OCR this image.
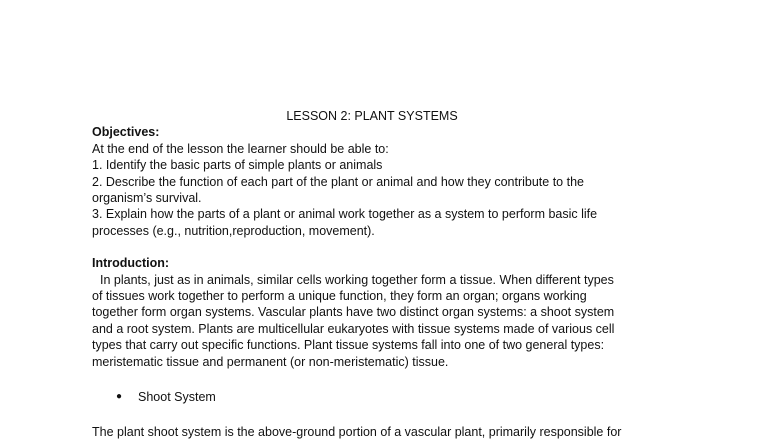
LESSON 2: PLANT SYSTEMS
Objectives:
At the end of the lesson the learner should be able to:
1. Identify the basic parts of simple plants or animals
2. Describe the function of each part of the plant or animal and how they contribute to the
organism’s survival.
3. Explain how the parts of a plant or animal work together as a system to perform basic life
processes (e.g., nutrition,reproduction, movement).
Introduction:
In plants, just as in animals, similar cells working together form a tissue. When different types
of tissues work together to perform a unique function, they form an organ; organs working
together form organ systems. Vascular plants have two distinct organ systems: a shoot system
and a root system. Plants are multicellular eukaryotes with tissue systems made of various cell
types that carry out specific functions. Plant tissue systems fall into one of two general types:
meristematic tissue and permanent (or non-meristematic) tissue.
●	Shoot System
The plant shoot system is the above-ground portion of a vascular plant, primarily responsible for
